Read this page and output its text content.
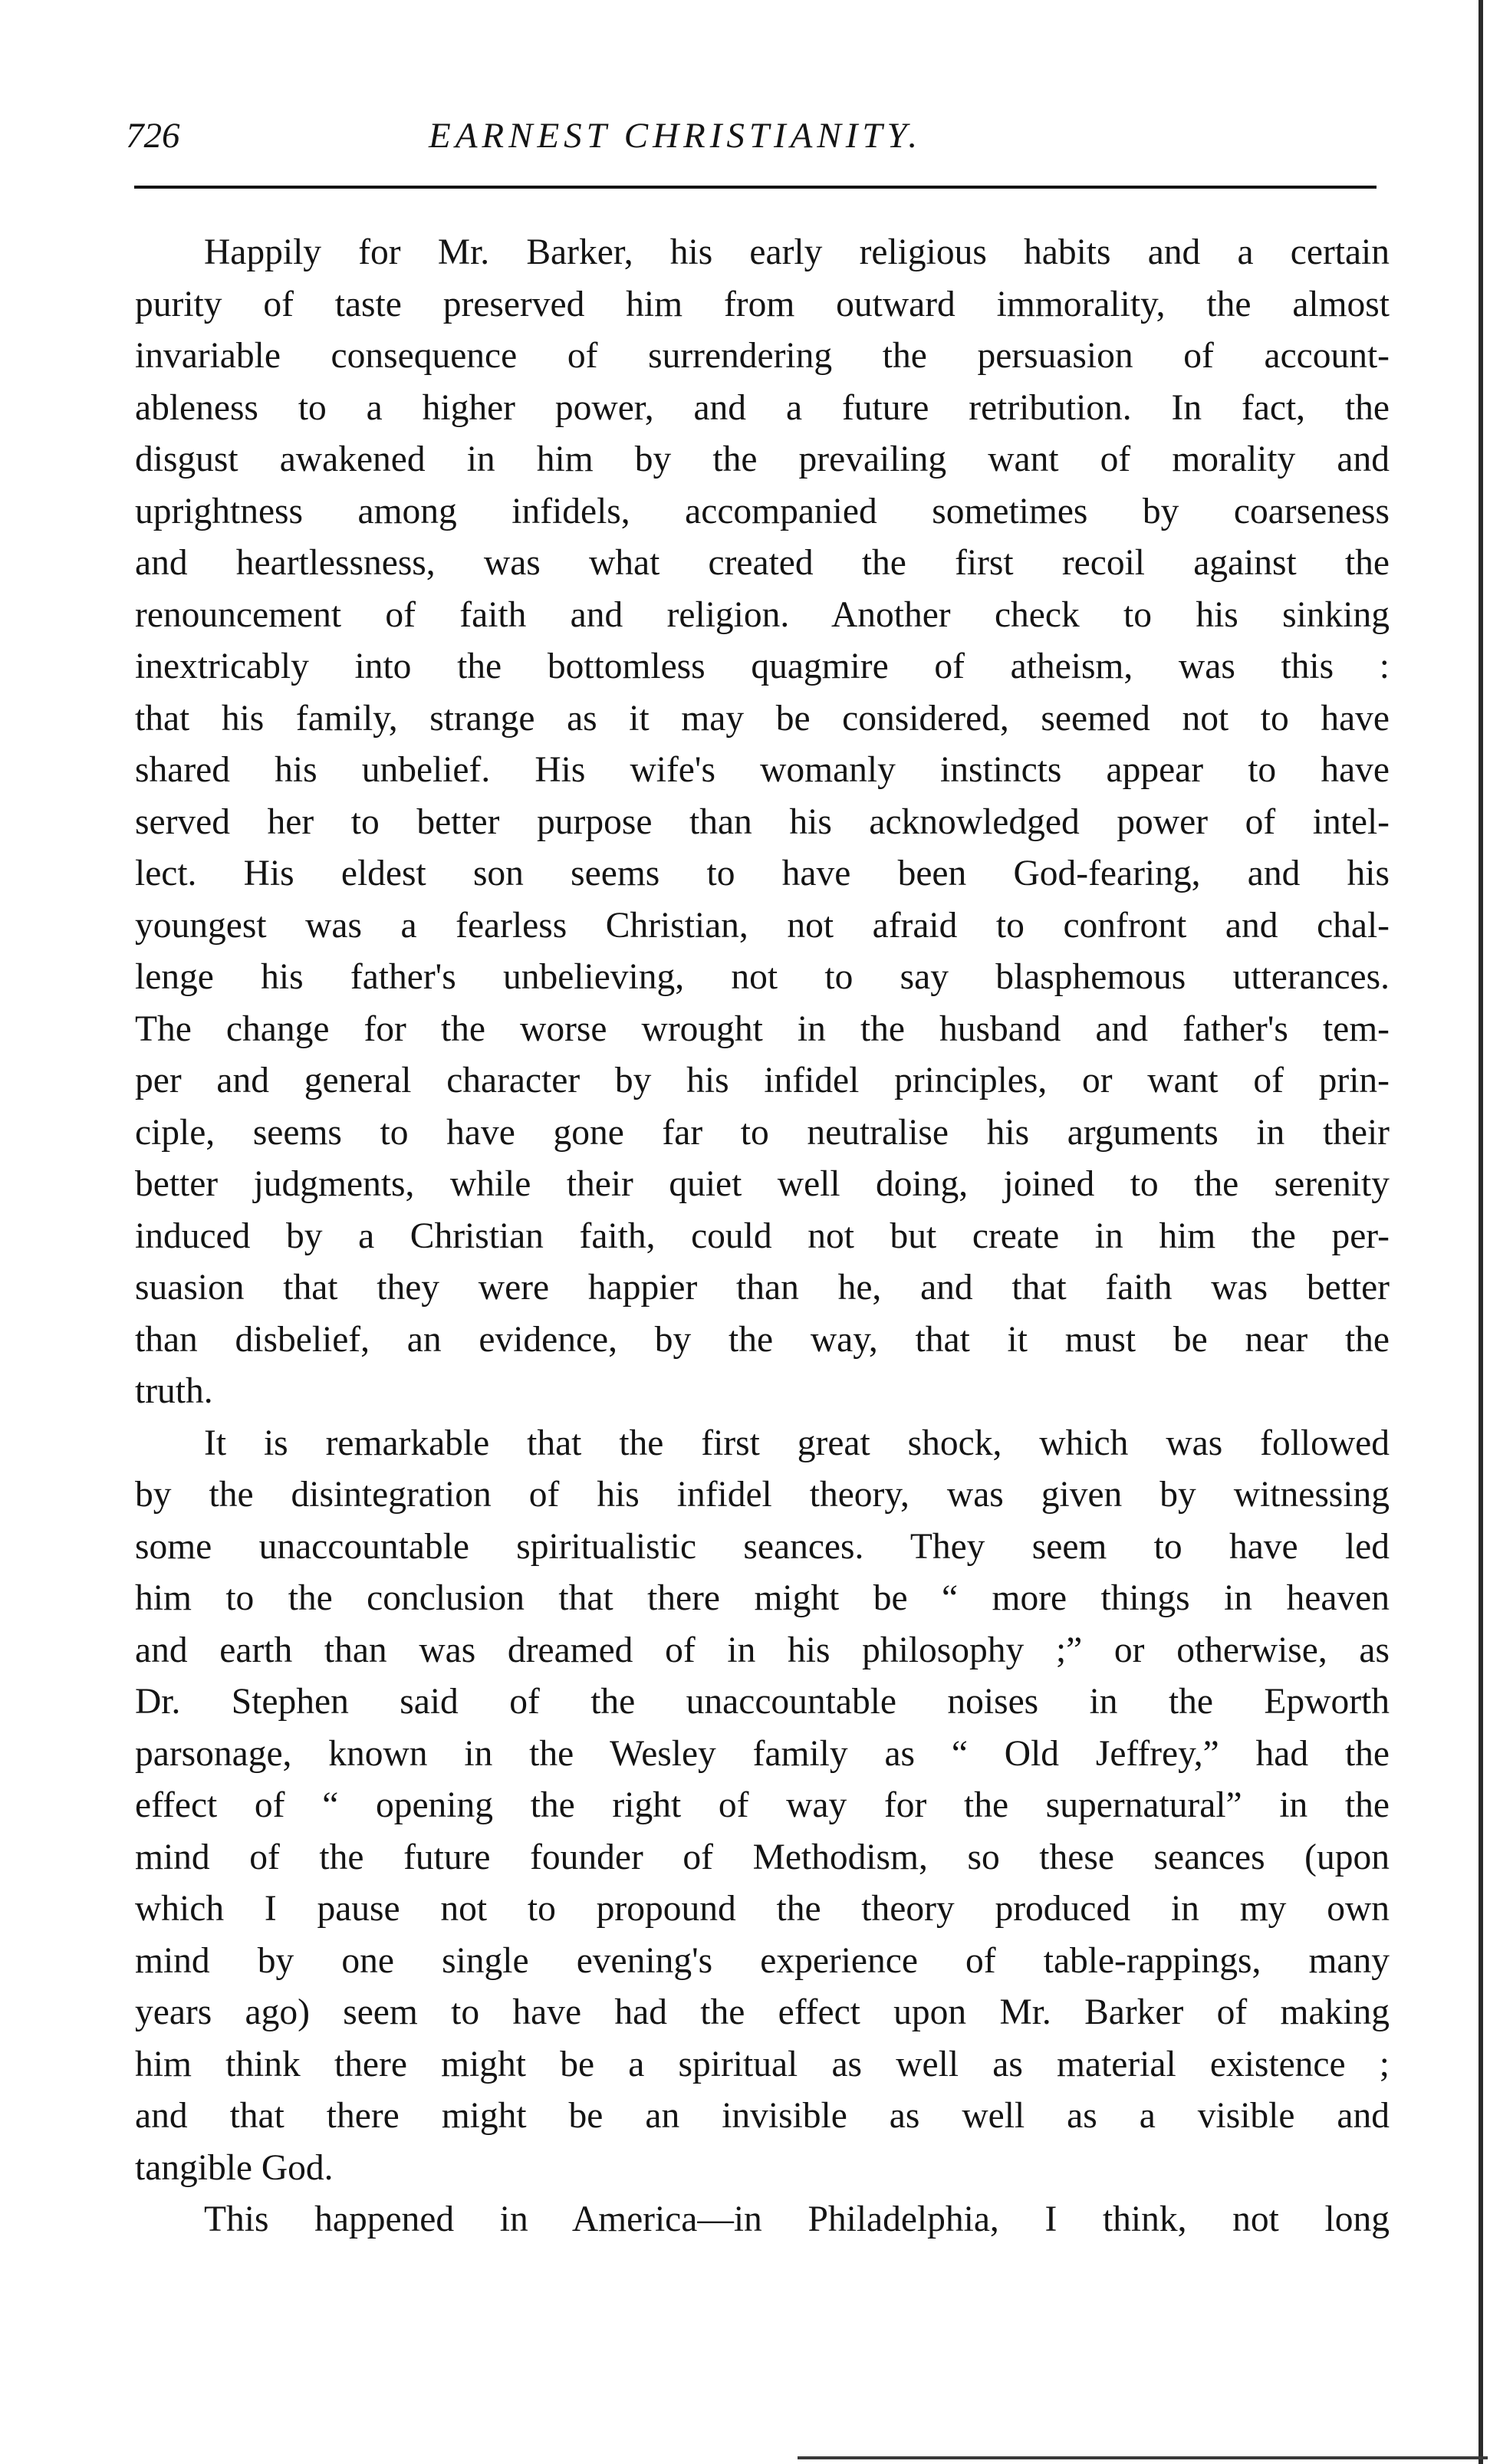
726	EARNEST CHRISTIANITY.
Happily for Mr. Barker, his early religious habits and a certain
purity of taste preserved him from outward immorality, the almost
invariable consequence of surrendering the persuasion of account-
ableness to a higher power, and a future retribution. In fact, the
disgust awakened in him by the prevailing want of morality and
uprightness among infidels, accompanied sometimes by coarseness
and heartlessness, was what created the first recoil against the
renouncement of faith and religion. Another check to his sinking
inextricably into the bottomless quagmire of atheism, was this :
that his family, strange as it may be considered, seemed not to have
shared his unbelief. His wife's womanly instincts appear to have
served her to better purpose than his acknowledged power of intel-
lect. His eldest son seems to have been God-fearing, and his
youngest was a fearless Christian, not afraid to confront and chal-
lenge his father's unbelieving, not to say blasphemous utterances.
The change for the worse wrought in the husband and father's tem-
per and general character by his infidel principles, or want of prin-
ciple, seems to have gone far to neutralise his arguments in their
better judgments, while their quiet well doing, joined to the serenity
induced by a Christian faith, could not but create in him the per-
suasion that they were happier than he, and that faith was better
than disbelief, an evidence, by the way, that it must be near the
truth.
It is remarkable that the first great shock, which was followed
by the disintegration of his infidel theory, was given by witnessing
some unaccountable spiritualistic seances. They seem to have led
him to the conclusion that there might be “ more things in heaven
and earth than was dreamed of in his philosophy ;” or otherwise, as
Dr. Stephen said of the unaccountable noises in the Epworth
parsonage, known in the Wesley family as “ Old Jeffrey,” had the
effect of “ opening the right of way for the supernatural” in the
mind of the future founder of Methodism, so these seances (upon
which I pause not to propound the theory produced in my own
mind by one single evening's experience of table-rappings, many
years ago) seem to have had the effect upon Mr. Barker of making
him think there might be a spiritual as well as material existence ;
and that there might be an invisible as well as a visible and
tangible God.
This happened in America—in Philadelphia, I think, not long
